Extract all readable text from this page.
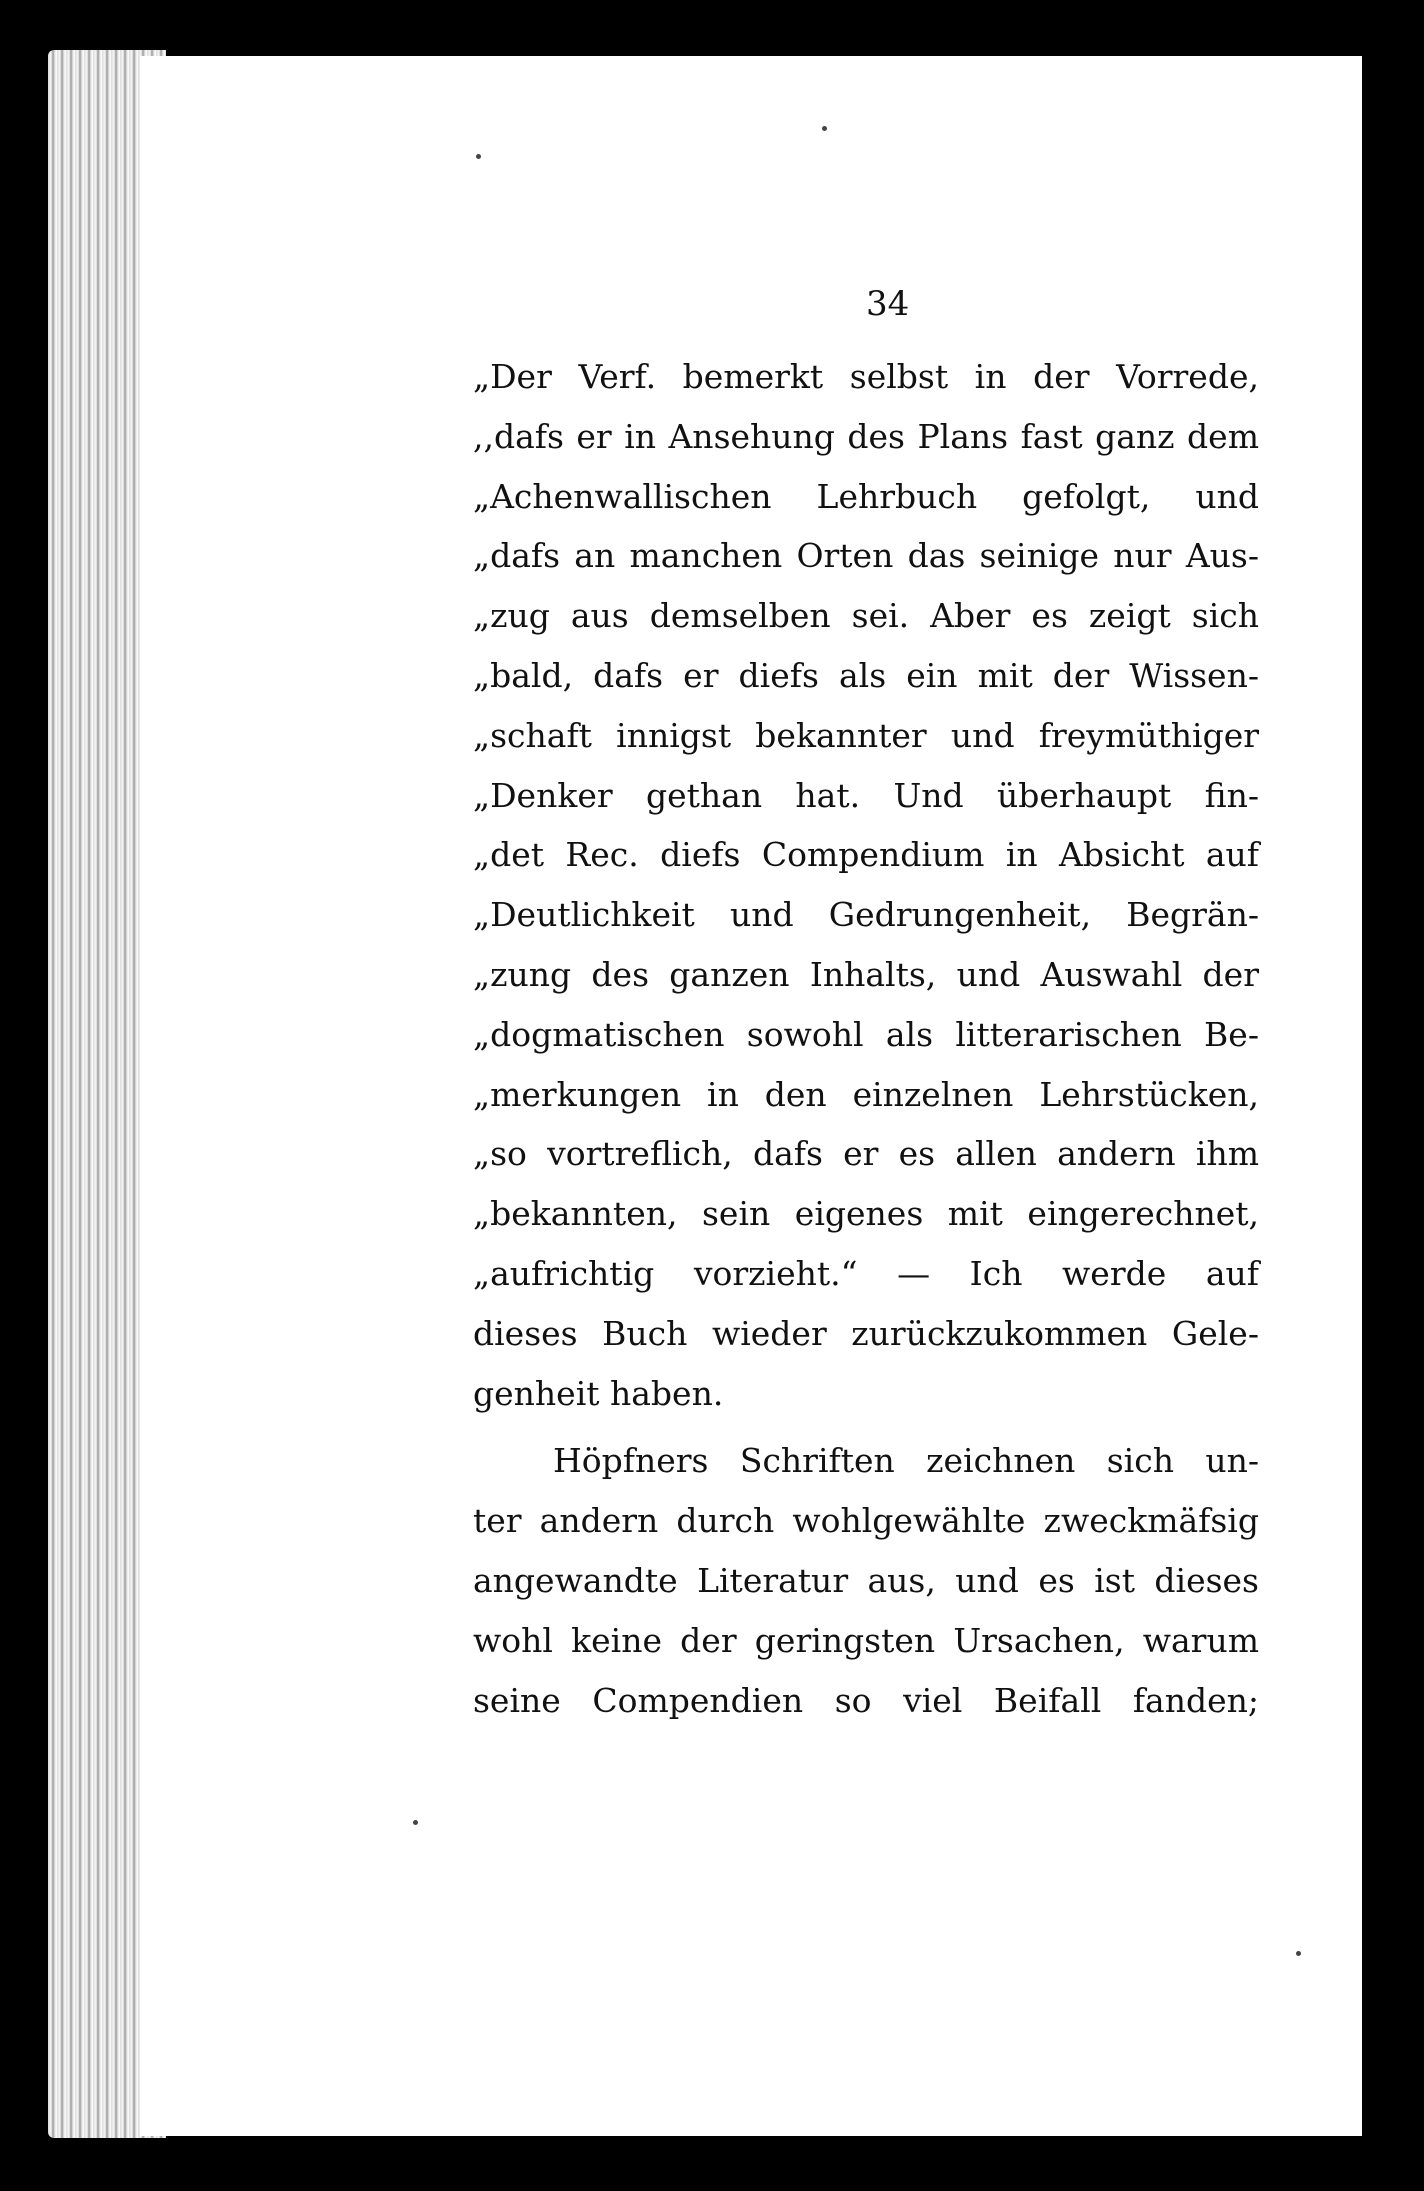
34
„Der Verf. bemerkt selbst in der Vorrede,
,,dafs er in Ansehung des Plans fast ganz dem
„Achenwallischen Lehrbuch gefolgt, und
„dafs an manchen Orten das seinige nur Aus-
„zug aus demselben sei. Aber es zeigt sich
„bald, dafs er diefs als ein mit der Wissen-
„schaft innigst bekannter und freymüthiger
„Denker gethan hat. Und überhaupt fin-
„det Rec. diefs Compendium in Absicht auf
„Deutlichkeit und Gedrungenheit, Begrän-
„zung des ganzen Inhalts, und Auswahl der
„dogmatischen sowohl als litterarischen Be-
„merkungen in den einzelnen Lehrstücken,
„so vortreflich, dafs er es allen andern ihm
„bekannten, sein eigenes mit eingerechnet,
„aufrichtig vorzieht.“ — Ich werde auf
dieses Buch wieder zurückzukommen Gele-
genheit haben.
Höpfners Schriften zeichnen sich un-
ter andern durch wohlgewählte zweckmäfsig
angewandte Literatur aus, und es ist dieses
wohl keine der geringsten Ursachen, warum
seine Compendien so viel Beifall fanden;
